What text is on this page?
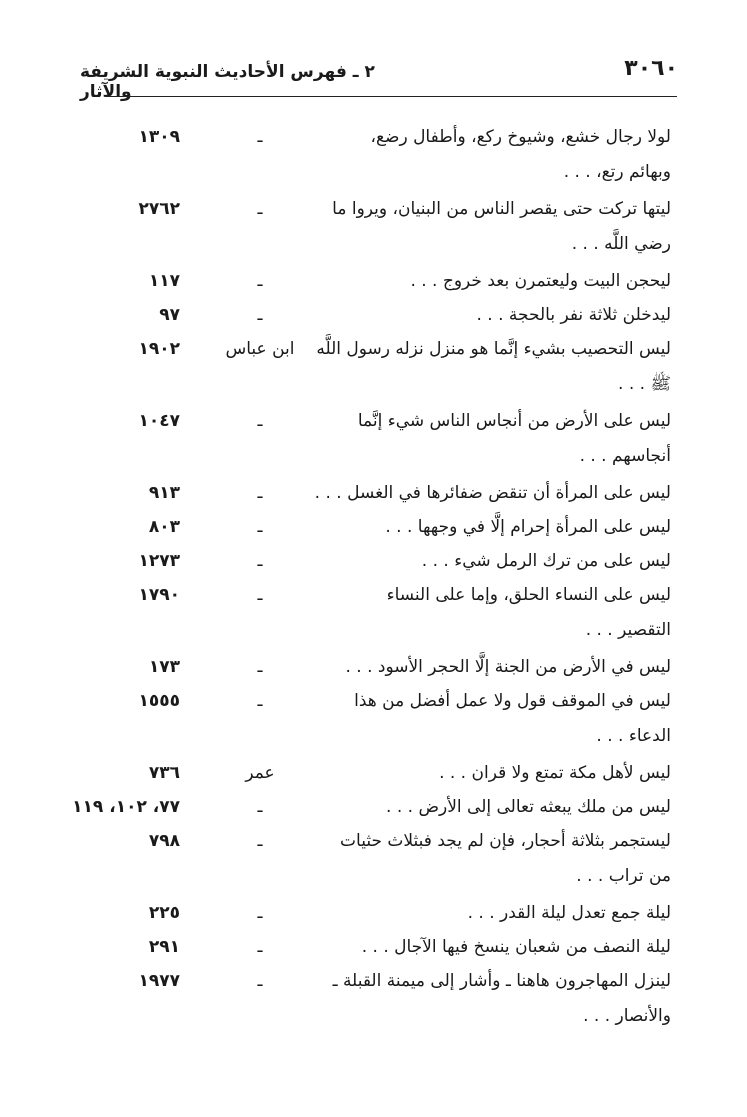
٣٠٦٠
٢ ـ فهرس الأحاديث النبوية الشريفة والآثار
لولا رجال خشع، وشيوخ ركع، وأطفال رضع،
وبهائم رتع، . . .
ـ
١٣٠٩
ليتها تركت حتى يقصر الناس من البنيان، ويروا ما
رضي اللَّه . . .
ـ
٢٧٦٢
ليحجن البيت وليعتمرن بعد خروج . . .
ـ
١١٧
ليدخلن ثلاثة نفر بالحجة . . .
ـ
٩٧
ليس التحصيب بشيء إنَّما هو منزل نزله رسول اللَّه
ﷺ . . .
ابن عباس
١٩٠٢
ليس على الأرض من أنجاس الناس شيء إنَّما
أنجاسهم . . .
ـ
١٠٤٧
ليس على المرأة أن تنقض ضفائرها في الغسل . . .
ـ
٩١٣
ليس على المرأة إحرام إلَّا في وجهها . . .
ـ
٨٠٣
ليس على من ترك الرمل شيء . . .
ـ
١٢٧٣
ليس على النساء الحلق، وإما على النساء
التقصير . . .
ـ
١٧٩٠
ليس في الأرض من الجنة إلَّا الحجر الأسود . . .
ـ
١٧٣
ليس في الموقف قول ولا عمل أفضل من هذا
الدعاء . . .
ـ
١٥٥٥
ليس لأهل مكة تمتع ولا قران . . .
عمر
٧٣٦
ليس من ملك يبعثه تعالى إلى الأرض . . .
ـ
٧٧، ١٠٢، ١١٩
ليستجمر بثلاثة أحجار، فإن لم يجد فبثلاث حثيات
من تراب . . .
ـ
٧٩٨
ليلة جمع تعدل ليلة القدر . . .
ـ
٢٢٥
ليلة النصف من شعبان ينسخ فيها الآجال . . .
ـ
٢٩١
لينزل المهاجرون هاهنا ـ وأشار إلى ميمنة القبلة ـ
والأنصار . . .
ـ
١٩٧٧
